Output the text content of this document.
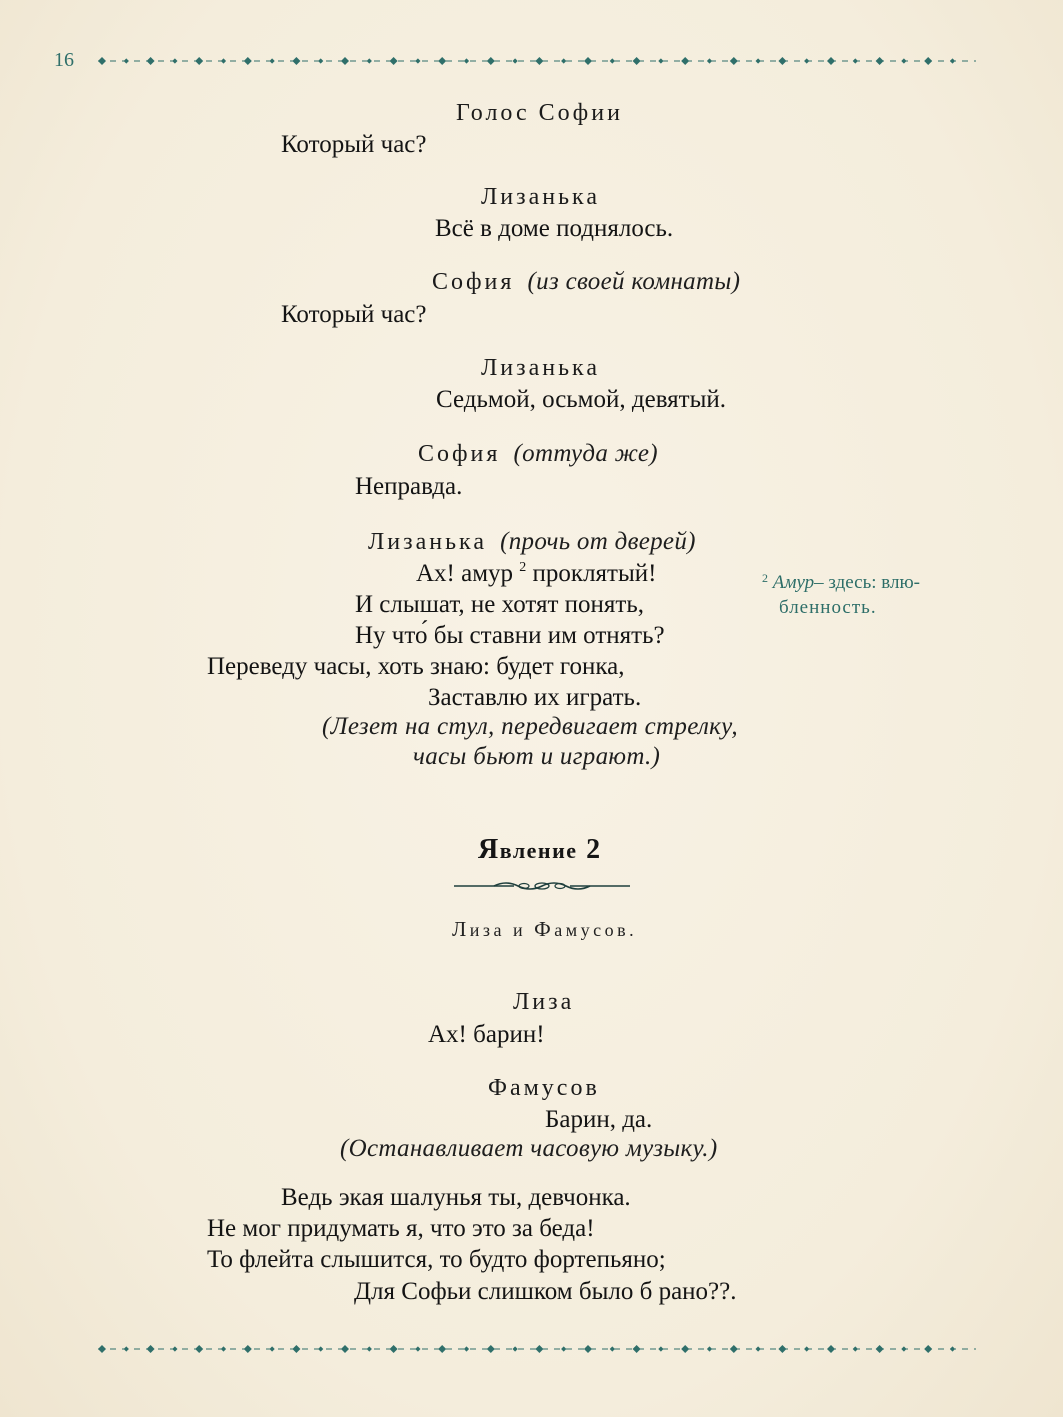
16
Голос Софии
Который час?
Лизанька
Всё в доме поднялось.
София (из своей комнаты)
Который час?
Лизанька
Седьмой, осьмой, девятый.
София (оттуда же)
Неправда.
Лизанька (прочь от дверей)
Ах! амур $^2$ проклятый!
И слышат, не хотят понять,
Ну что́ бы ставни им отнять?
Переведу часы, хоть знаю: будет гонка,
Заставлю их играть.
(Лезет на стул, передвигает стрелку,
часы бьют и играют.)
$^2$ Амур– здесь: влю-
бленность.
Явление 2
Лиза и Фамусов.
Лиза
Ах! барин!
Фамусов
Барин, да.
(Останавливает часовую музыку.)
Ведь экая шалунья ты, девчонка.
Не мог придумать я, что это за беда!
То флейта слышится, то будто фортепьяно;
Для Софьи слишком было б рано??.
